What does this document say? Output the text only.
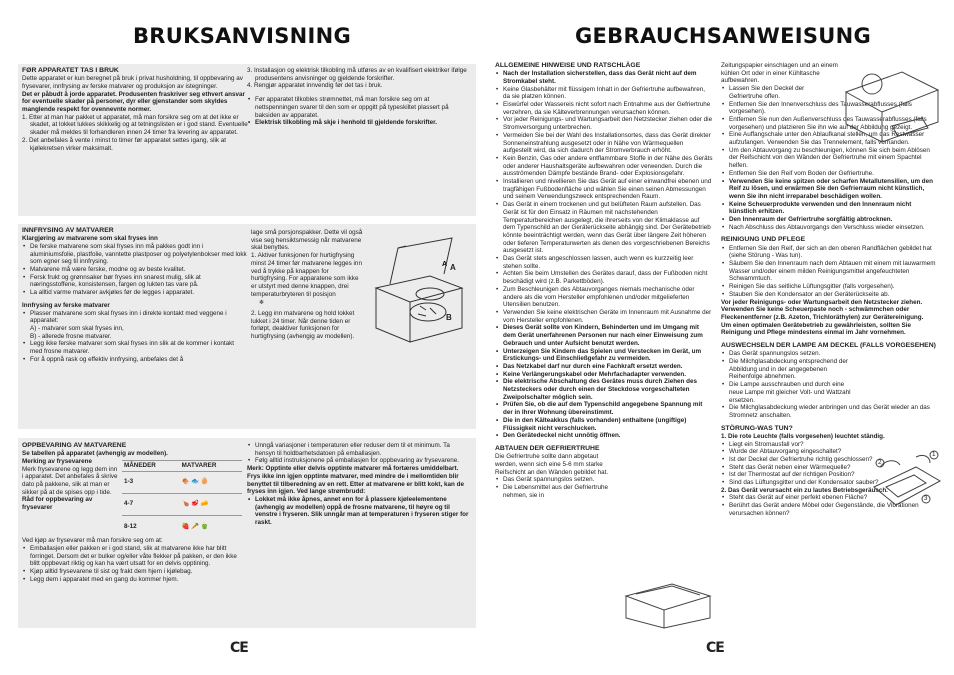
BRUKSANVISNING	GEBRAUCHSANWEISUNG
FØR APPARATET TAS I BRUK
Dette apparatet er kun beregnet på bruk i privat husholdning, til oppbevaring av frysevarer, innfrysing av ferske matvarer og produksjon av istegninger.
Det er påbudt å jorde apparatet. Produsenten fraskriver seg ethvert ansvar for eventuelle skader på personer, dyr eller gjenstander som skyldes manglende respekt for ovennevnte normer.
1. Etter at man har pakket ut apparatet, må man forsikre seg om at det ikke er skadet, at lokket lukkes skikkelig og at tetningslisten er i god stand. Eventuelle skader må meldes til forhandleren innen 24 timer fra levering av apparatet.
2. Det anbefales å vente i minst to timer før apparatet settes igang, slik at kjølekretsen virker maksimalt.
3. Installasjon og elektrisk tilkobling må utføres av en kvalifisert elektriker ifølge produsentens anvisninger og gjeldende forskrifter.
4. Rengjør apparatet innvendig før det tas i bruk.
• Før apparatet tilkobles strømnettet, må man forsikre seg om at nettspenningen svarer til den som er oppgitt på typeskiltet plassert på baksiden av apparatet.
• Elektrisk tilkobling må skje i henhold til gjeldende forskrifter.
INNFRYSING AV MATVARER
Klargjøring av matvarene som skal fryses inn
• De ferske matvarene som skal fryses inn må pakkes godt inn i aluminiumsfolie, plastfolie, vanntette plastposer og polyetylenbokser med lokk som egner seg til innfrysing.
• Matvarene må være ferske, modne og av beste kvalitet.
• Fersk frukt og grønnsaker bør fryses inn snarest mulig, slik at næringsstoffene, konsistensen, fargen og lukten tas vare på.
• La alltid varme matvarer avkjøles før de legges i apparatet.
Innfrysing av ferske matvarer
• Plasser matvarene som skal fryses inn i direkte kontakt med veggene i apparatet:
A) - matvarer som skal fryses inn,
B) - allerede frosne matvarer.
• Legg ikke ferske matvarer som skal fryses inn slik at de kommer i kontakt med frosne matvarer.
• For å oppnå rask og effektiv innfrysing, anbefales det å
lage små porsjonspakker. Dette vil også vise seg hensiktsmessig når matvarene skal benyttes.
1. Aktiver funksjonen for hurtigfrysing minst 24 timer før matvarene legges inn ved å trykke på knappen for hurtigfrysing. For apparatene som ikke er utstyrt med denne knappen, drei temperaturbryteren til posisjon
❄
2. Legg inn matvarene og hold lokket lukket i 24 timer. Når denne tiden er forløpt, deaktiver funksjonen for hurtigfrysing (avhengig av modellen).
A A
B
OPPBEVARING AV MATVARENE
Se tabellen på apparatet (avhengig av modellen).
Merking av frysevarene
Merk frysevarene og legg dem inn i apparatet. Det anbefales å skrive dato på pakkene, slik at man er sikker på at de spises opp i tide.
Råd for oppbevaring av frysevarer
MÅNEDER	MATVARER
1-3	🍖 🐟 🥚
4-7	🍗 🥩 🧀
8-12	🍓 🥕 🫑
Ved kjøp av frysevarer må man forsikre seg om at:
• Emballasjen eller pakken er i god stand, slik at matvarene ikke har blitt forringet. Dersom det er bulker og/eller våte flekker på pakken, er den ikke blitt oppbevart riktig og kan ha vært utsatt for en delvis opptining.
• Kjøp alltid frysevarene til sist og frakt dem hjem i kjølebag.
• Legg dem i apparatet med en gang du kommer hjem.
• Unngå variasjoner i temperaturen eller reduser dem til et minimum. Ta hensyn til holdbarhetsdatoen på emballasjen.
• Følg alltid instruksjonene på emballasjen for oppbevaring av frysevarene.
Merk: Opptinte eller delvis opptinte matvarer må fortæres umiddelbart. Frys ikke inn igjen opptinte matvarer, med mindre de i mellomtiden blir benyttet til tilberedning av en rett. Etter at matvarene er blitt kokt, kan de fryses inn igjen. Ved lange strømbrudd:
• Lokket må ikke åpnes, annet enn for å plassere kjøleelementene (avhengig av modellen) oppå de frosne matvarene, til høyre og til venstre i fryseren. Slik unngår man at temperaturen i fryseren stiger for raskt.
CE	CE
ALLGEMEINE HINWEISE UND RATSCHLÄGE
• Nach der Installation sicherstellen, dass das Gerät nicht auf dem Stromkabel steht.
• Keine Glasbehälter mit flüssigem Inhalt in der Gefriertruhe aufbewahren, da sie platzen können.
• Eiswürfel oder Wassereis nicht sofort nach Entnahme aus der Gefriertruhe verzehren, da sie Kälteverbrennungen verursachen können.
• Vor jeder Reinigungs- und Wartungsarbeit den Netzstecker ziehen oder die Stromversorgung unterbrechen.
• Vermeiden Sie bei der Wahl des Installationsortes, dass das Gerät direkter Sonneneinstrahlung ausgesetzt oder in Nähe von Wärmequellen aufgestellt wird, da sich dadurch der Stromverbrauch erhöht.
• Kein Benzin, Gas oder andere entflammbare Stoffe in der Nähe des Geräts oder anderer Haushaltsgeräte aufbewahren oder verwenden. Durch die ausströmenden Dämpfe bestände Brand- oder Explosionsgefahr.
• Installieren und nivellieren Sie das Gerät auf einer einwandfrei ebenen und tragfähigen Fußbodenfläche und wählen Sie einen seinen Abmessungen und seinem Verwendungszweck entsprechenden Raum.
• Das Gerät in einem trockenen und gut belüfteten Raum aufstellen. Das Gerät ist für den Einsatz in Räumen mit nachstehenden Temperaturbereichen ausgelegt, die ihrerseits von der Klimaklasse auf dem Typenschild an der Geräterückseite abhängig sind. Der Gerätebetrieb könnte beeinträchtigt werden, wenn das Gerät über längere Zeit höheren oder tieferen Temperaturwerten als denen des vorgeschriebenen Bereichs ausgesetzt ist.
• Das Gerät stets angeschlossen lassen, auch wenn es kurzzeitig leer stehen sollte.
• Achten Sie beim Umstellen des Gerätes darauf, dass der Fußboden nicht beschädigt wird (z.B. Parkettböden).
• Zum Beschleunigen des Abtauvorganges niemals mechanische oder andere als die vom Hersteller empfohlenen und/oder mitgelieferten Utensilien benutzen.
• Verwenden Sie keine elektrischen Geräte im Innenraum mit Ausnahme der vom Hersteller empfohlenen.
• Dieses Gerät sollte von Kindern, Behinderten und im Umgang mit dem Gerät unerfahrenen Personen nur nach einer Einweisung zum Gebrauch und unter Aufsicht benutzt werden.
• Unterzeigen Sie Kindern das Spielen und Verstecken im Gerät, um Erstickungs- und Einschließgefahr zu vermeiden.
• Das Netzkabel darf nur durch eine Fachkraft ersetzt werden.
• Keine Verlängerungskabel oder Mehrfachadapter verwenden.
• Die elektrische Abschaltung des Gerätes muss durch Ziehen des Netzsteckers oder durch einen der Steckdose vorgeschalteten Zweipolschalter möglich sein.
• Prüfen Sie, ob die auf dem Typenschild angegebene Spannung mit der in Ihrer Wohnung übereinstimmt.
• Die in den Kälteakkus (falls vorhanden) enthaltene (ungiftige) Flüssigkeit nicht verschlucken.
• Den Gerätedeckel nicht unnötig öffnen.
ABTAUEN DER GEFRIERTRUHE
Die Gefriertruhe sollte dann abgetaut werden, wenn sich eine 5-6 mm starke Reifschicht an den Wänden gebildet hat.
• Das Gerät spannungslos setzen.
• Die Lebensmittel aus der Gefriertruhe nehmen, sie in
Zeitungspapier einschlagen und an einem kühlen Ort oder in einer Kühltasche aufbewahren.
• Lassen Sie den Deckel der Gefriertruhe offen.
• Entfernen Sie den Innenverschluss des Tauwasserabflusses (falls vorgesehen).
• Entfernen Sie nun den Außenverschluss des Tauwasserabflusses (falls vorgesehen) und platzieren Sie ihn wie auf der Abbildung gezeigt.
• Eine Auffangschale unter den Ablaufkanal stellen, um das Restwasser aufzufangen. Verwenden Sie das Trennelement, falls vorhanden.
• Um den Abtauvorgang zu beschleunigen, können Sie sich beim Ablösen der Reifschicht von den Wänden der Gefriertruhe mit einem Spachtel helfen.
• Entfernen Sie den Reif vom Boden der Gefriertruhe.
• Verwenden Sie keine spitzen oder scharfen Metallutensilien, um den Reif zu lösen, und erwärmen Sie den Gefrierraum nicht künstlich, wenn Sie ihn nicht irreparabel beschädigen wollen.
• Keine Scheuerprodukte verwenden und den Innenraum nicht künstlich erhitzen.
• Den Innenraum der Gefriertruhe sorgfältig abtrocknen.
• Nach Abschluss des Abtauvorgangs den Verschluss wieder einsetzen.
REINIGUNG UND PFLEGE
• Entfernen Sie den Reif, der sich an den oberen Randflächen gebildet hat (siehe Störung - Was tun).
• Säubern Sie den Innenraum nach dem Abtauen mit einem mit lauwarmem Wasser und/oder einem milden Reinigungsmittel angefeuchteten Schwammtuch.
• Reinigen Sie das seitliche Lüftungsgitter (falls vorgesehen).
• Stauben Sie den Kondensator an der Geräterückseite ab.
Vor jeder Reinigungs- oder Wartungsarbeit den Netzstecker ziehen. Verwenden Sie keine Scheuerpaste noch - schwämmchen oder Fleckenentferner (z.B. Azeton, Trichloräthylen) zur Gerätereinigung.
Um einen optimalen Gerätebetrieb zu gewährleisten, sollten Sie Reinigung und Pflege mindestens einmal im Jahr vornehmen.
AUSWECHSELN DER LAMPE AM DECKEL (FALLS VORGESEHEN)
• Das Gerät spannungslos setzen.
• Die Milchglasabdeckung entsprechend der Abbildung und in der angegebenen Reihenfolge abnehmen.
• Die Lampe ausschrauben und durch eine neue Lampe mit gleicher Volt- und Wattzahl ersetzen.
• Die Milchglasabdeckung wieder anbringen und das Gerät wieder an das Stromnetz anschalten.
STÖRUNG-WAS TUN?
1. Die rote Leuchte (falls vorgesehen) leuchtet ständig.
• Liegt ein Stromausfall vor?
• Wurde der Abtauvorgang eingeschaltet?
• Ist der Deckel der Gefriertruhe richtig geschlossen?
• Steht das Gerät neben einer Wärmequelle?
• Ist der Thermostat auf der richtigen Position?
• Sind das Lüftungsgitter und der Kondensator sauber?
2. Das Gerät verursacht ein zu lautes Betriebsgeräusch.
• Steht das Gerät auf einer perfekt ebenen Fläche?
• Berührt das Gerät andere Möbel oder Gegenstände, die Vibrationen verursachen können?
2
1
3
